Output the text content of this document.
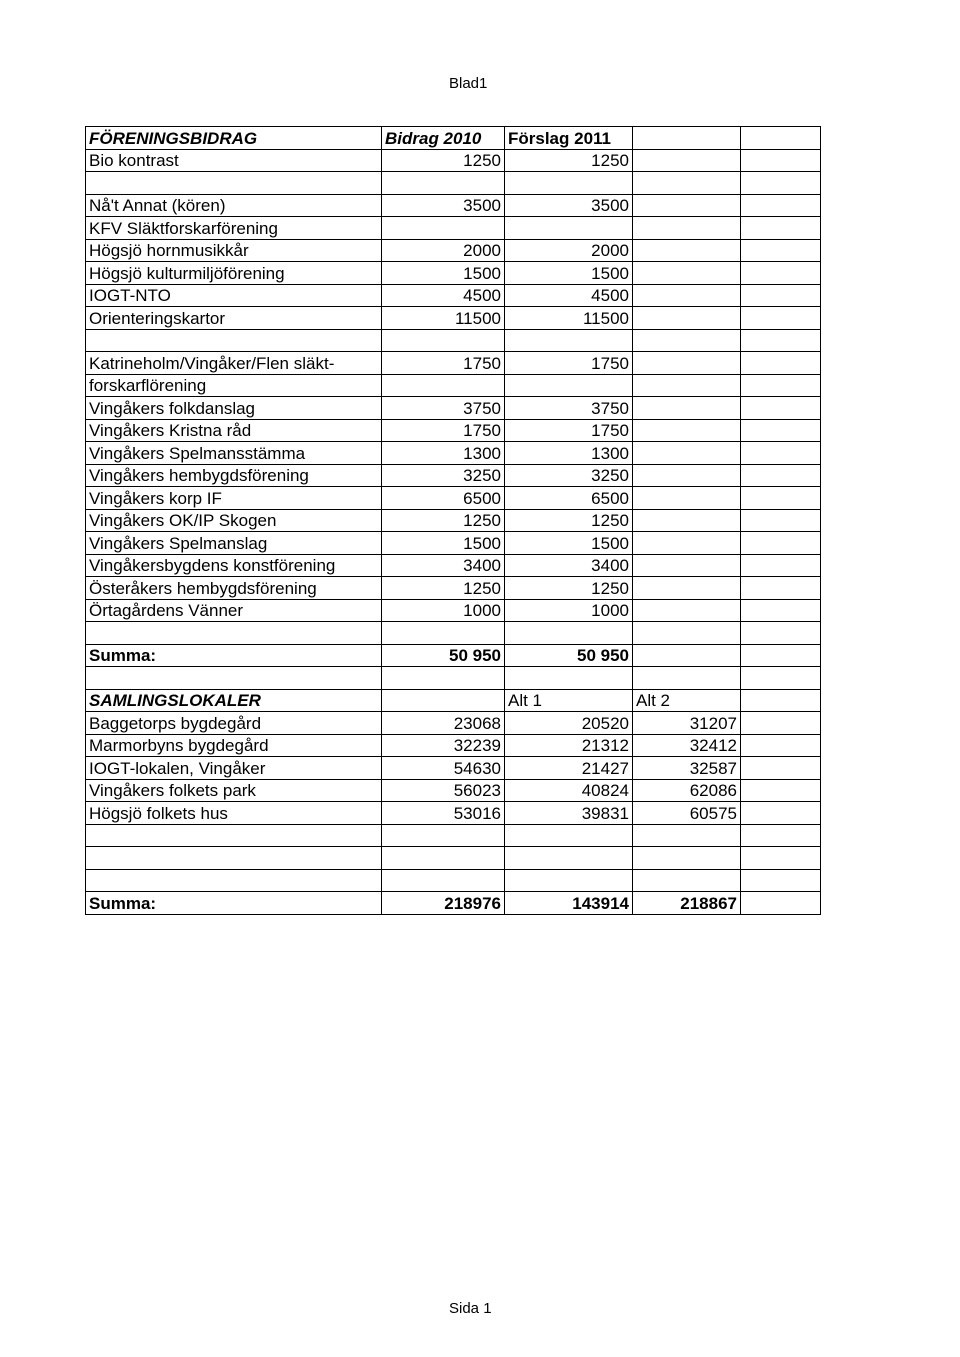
Blad1
FÖRENINGSBIDRAG	Bidrag 2010	Förslag 2011		
Bio kontrast	1250	1250		

Nå't Annat (kören)	3500	3500		
KFV Släktforskarförening				
Högsjö hornmusikkår	2000	2000		
Högsjö kulturmiljöförening	1500	1500		
IOGT-NTO	4500	4500		
Orienteringskartor	11500	11500		

Katrineholm/Vingåker/Flen släkt-	1750	1750		
forskarflörening				
Vingåkers folkdanslag	3750	3750		
Vingåkers Kristna råd	1750	1750		
Vingåkers Spelmansstämma	1300	1300		
Vingåkers hembygdsförening	3250	3250		
Vingåkers korp IF	6500	6500		
Vingåkers OK/IP Skogen	1250	1250		
Vingåkers Spelmanslag	1500	1500		
Vingåkersbygdens konstförening	3400	3400		
Österåkers hembygdsförening	1250	1250		
Örtagårdens Vänner	1000	1000		

Summa:	50 950	50 950		

SAMLINGSLOKALER		Alt 1	Alt 2	
Baggetorps bygdegård	23068	20520	31207	
Marmorbyns bygdegård	32239	21312	32412	
IOGT-lokalen, Vingåker	54630	21427	32587	
Vingåkers folkets park	56023	40824	62086	
Högsjö folkets hus	53016	39831	60575	

Summa:	218976	143914	218867	
Sida 1
